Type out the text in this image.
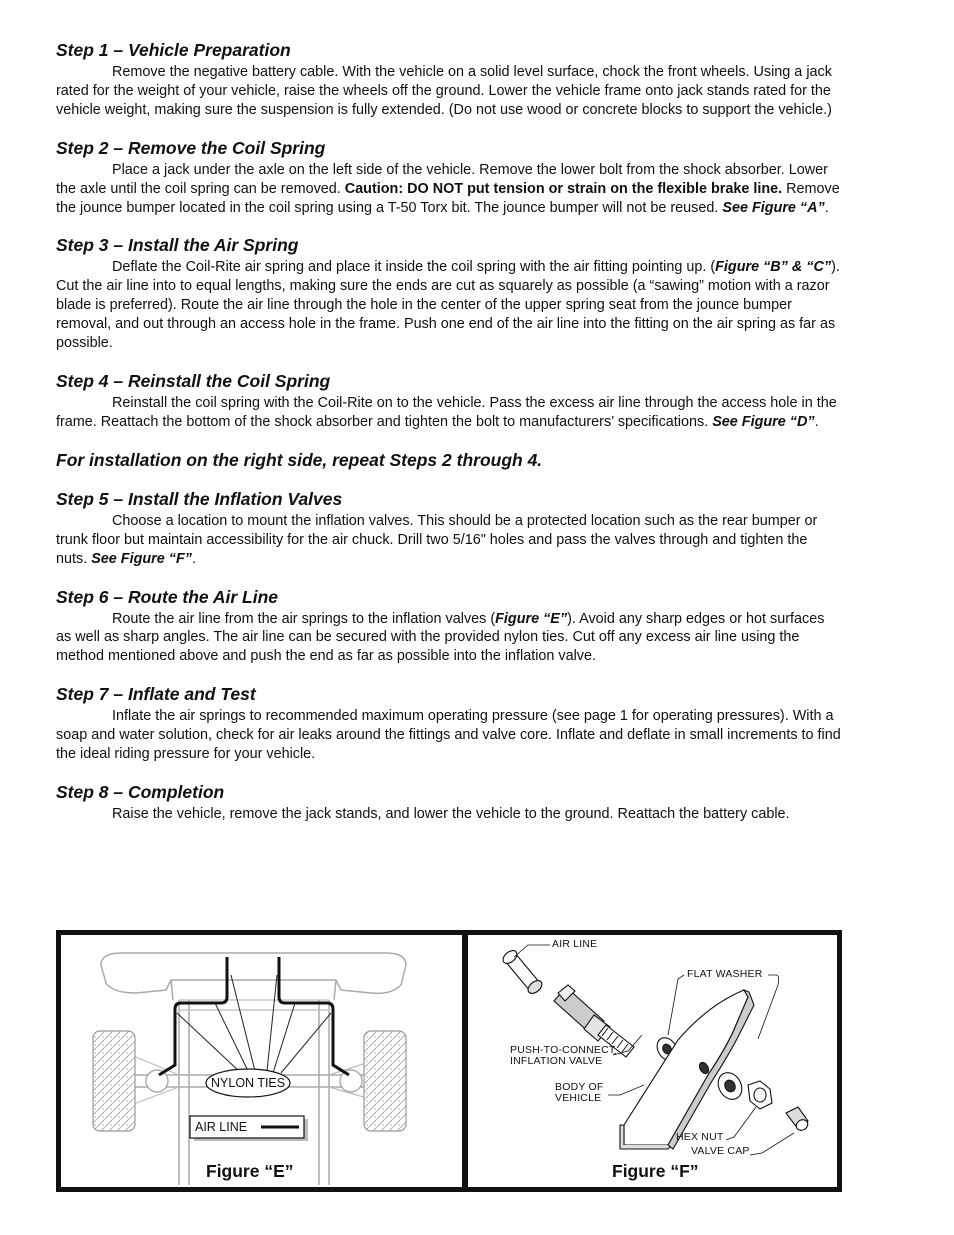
Step 1 – Vehicle Preparation

Remove the negative battery cable. With the vehicle on a solid level surface, chock the front wheels. Using a jack rated for the weight of your vehicle, raise the wheels off the ground. Lower the vehicle frame onto jack stands rated for the vehicle weight, making sure the suspension is fully extended. (Do not use wood or concrete blocks to support the vehicle.)

Step 2 – Remove the Coil Spring

Place a jack under the axle on the left side of the vehicle. Remove the lower bolt from the shock absorber. Lower the axle until the coil spring can be removed. Caution: DO NOT put tension or strain on the flexible brake line. Remove the jounce bumper located in the coil spring using a T-50 Torx bit. The jounce bumper will not be reused. See Figure “A”.

Step 3 – Install the Air Spring

Deflate the Coil-Rite air spring and place it inside the coil spring with the air fitting pointing up. (Figure “B” & “C”). Cut the air line into to equal lengths, making sure the ends are cut as squarely as possible (a “sawing” motion with a razor blade is preferred). Route the air line through the hole in the center of the upper spring seat from the jounce bumper removal, and out through an access hole in the frame. Push one end of the air line into the fitting on the air spring as far as possible.

Step 4 – Reinstall the Coil Spring

Reinstall the coil spring with the Coil-Rite on to the vehicle. Pass the excess air line through the access hole in the frame. Reattach the bottom of the shock absorber and tighten the bolt to manufacturers’ specifications. See Figure “D”.

For installation on the right side, repeat Steps 2 through 4.
Step 5 – Install the Inflation Valves

Choose a location to mount the inflation valves. This should be a protected location such as the rear bumper or trunk floor but maintain accessibility for the air chuck. Drill two 5/16" holes and pass the valves through and tighten the nuts. See Figure “F”.

Step 6 – Route the Air Line

Route the air line from the air springs to the inflation valves (Figure “E”). Avoid any sharp edges or hot surfaces as well as sharp angles. The air line can be secured with the provided nylon ties. Cut off any excess air line using the method mentioned above and push the end as far as possible into the inflation valve.

Step 7 – Inflate and Test

Inflate the air springs to recommended maximum operating pressure (see page 1 for operating pressures). With a soap and water solution, check for air leaks around the fittings and valve core. Inflate and deflate in small increments to find the ideal riding pressure for your vehicle.

Step 8 – Completion

Raise the vehicle, remove the jack stands, and lower the vehicle to the ground. Reattach the battery cable.

NYLON TIES
AIR LINE
Figure “E”
AIR LINE
FLAT WASHER
PUSH-TO-CONNECT
INFLATION VALVE
BODY OF
VEHICLE
HEX NUT
VALVE CAP
Figure “F”
